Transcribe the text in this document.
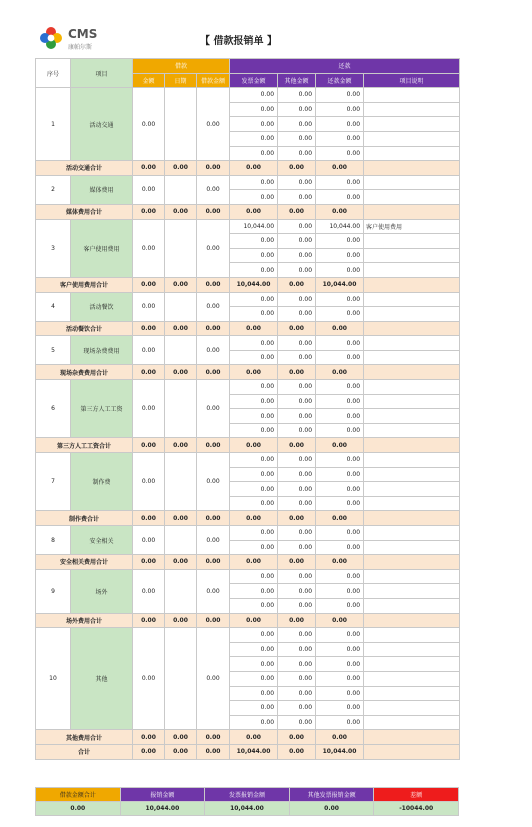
CMS
康帕尔斯
【 借款报销单 】
序号	项目	借款			还款			
		金额	日期	借款金额	发票金额	其他金额	还款金额	项目说明
1	活动交通	0.00		0.00	0.00	0.00	0.00	
					0.00	0.00	0.00	
					0.00	0.00	0.00	
					0.00	0.00	0.00	
					0.00	0.00	0.00	
活动交通合计		0.00	0.00	0.00	0.00	0.00	0.00	
2	媒体费用	0.00		0.00	0.00	0.00	0.00	
					0.00	0.00	0.00	
媒体费用合计		0.00	0.00	0.00	0.00	0.00	0.00	
3	客户使用费用	0.00		0.00	10,044.00	0.00	10,044.00	客户使用费用
					0.00	0.00	0.00	
					0.00	0.00	0.00	
					0.00	0.00	0.00	
客户使用费用合计		0.00	0.00	0.00	10,044.00	0.00	10,044.00	
4	活动餐饮	0.00		0.00	0.00	0.00	0.00	
					0.00	0.00	0.00	
活动餐饮合计		0.00	0.00	0.00	0.00	0.00	0.00	
5	现场杂费费用	0.00		0.00	0.00	0.00	0.00	
					0.00	0.00	0.00	
现场杂费费用合计		0.00	0.00	0.00	0.00	0.00	0.00	
6	第三方人工工资	0.00		0.00	0.00	0.00	0.00	
					0.00	0.00	0.00	
					0.00	0.00	0.00	
					0.00	0.00	0.00	
第三方人工工资合计		0.00	0.00	0.00	0.00	0.00	0.00	
7	制作费	0.00		0.00	0.00	0.00	0.00	
					0.00	0.00	0.00	
					0.00	0.00	0.00	
					0.00	0.00	0.00	
制作费合计		0.00	0.00	0.00	0.00	0.00	0.00	
8	安全相关	0.00		0.00	0.00	0.00	0.00	
					0.00	0.00	0.00	
安全相关费用合计		0.00	0.00	0.00	0.00	0.00	0.00	
9	场外	0.00		0.00	0.00	0.00	0.00	
					0.00	0.00	0.00	
					0.00	0.00	0.00	
场外费用合计		0.00	0.00	0.00	0.00	0.00	0.00	
10	其他	0.00		0.00	0.00	0.00	0.00	
					0.00	0.00	0.00	
					0.00	0.00	0.00	
					0.00	0.00	0.00	
					0.00	0.00	0.00	
					0.00	0.00	0.00	
					0.00	0.00	0.00	
其他费用合计		0.00	0.00	0.00	0.00	0.00	0.00	
合计		0.00	0.00	0.00	10,044.00	0.00	10,044.00	
借款金额合计	报销金额	发票报销金额	其他发票报销金额	差额
0.00	10,044.00	10,044.00	0.00	-10044.00
